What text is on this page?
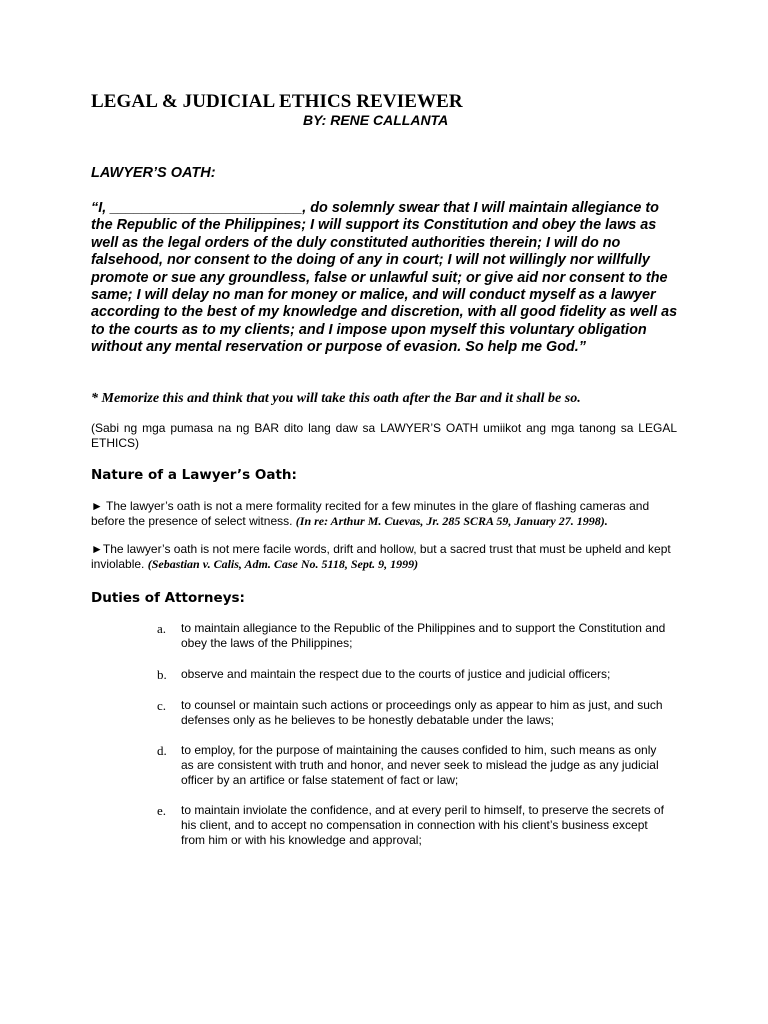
LEGAL & JUDICIAL ETHICS REVIEWER

BY: RENE CALLANTA

LAWYER’S OATH:

“I, ________________________, do solemnly swear that I will maintain allegiance to the Republic of the Philippines; I will support its Constitution and obey the laws as well as the legal orders of the duly constituted authorities therein; I will do no falsehood, nor consent to the doing of any in court; I will not willingly nor willfully promote or sue any groundless, false or unlawful suit; or give aid nor consent to the same; I will delay no man for money or malice, and will conduct myself as a lawyer according to the best of my knowledge and discretion, with all good fidelity as well as to the courts as to my clients; and I impose upon myself this voluntary obligation without any mental reservation or purpose of evasion. So help me God.”

* Memorize this and think that you will take this oath after the Bar and it shall be so.

(Sabi ng mga pumasa na ng BAR dito lang daw sa LAWYER’S OATH umiikot ang mga tanong sa LEGAL ETHICS)

Nature of a Lawyer’s Oath:

► The lawyer’s oath is not a mere formality recited for a few minutes in the glare of flashing cameras and before the presence of select witness. (In re: Arthur M. Cuevas, Jr. 285 SCRA 59, January 27. 1998).

►The lawyer’s oath is not mere facile words, drift and hollow, but a sacred trust that must be upheld and kept inviolable. (Sebastian v. Calis, Adm. Case No. 5118, Sept. 9, 1999)

Duties of Attorneys:
a.	to maintain allegiance to the Republic of the Philippines and to support the Constitution and obey the laws of the Philippines;
b.	observe and maintain the respect due to the courts of justice and judicial officers;
c.	to counsel or maintain such actions or proceedings only as appear to him as just, and such defenses only as he believes to be honestly debatable under the laws;
d.	to employ, for the purpose of maintaining the causes confided to him, such means as only as are consistent with truth and honor, and never seek to mislead the judge as any judicial officer by an artifice or false statement of fact or law;
e.	to maintain inviolate the confidence, and at every peril to himself, to preserve the secrets of his client, and to accept no compensation in connection with his client’s business except from him or with his knowledge and approval;
